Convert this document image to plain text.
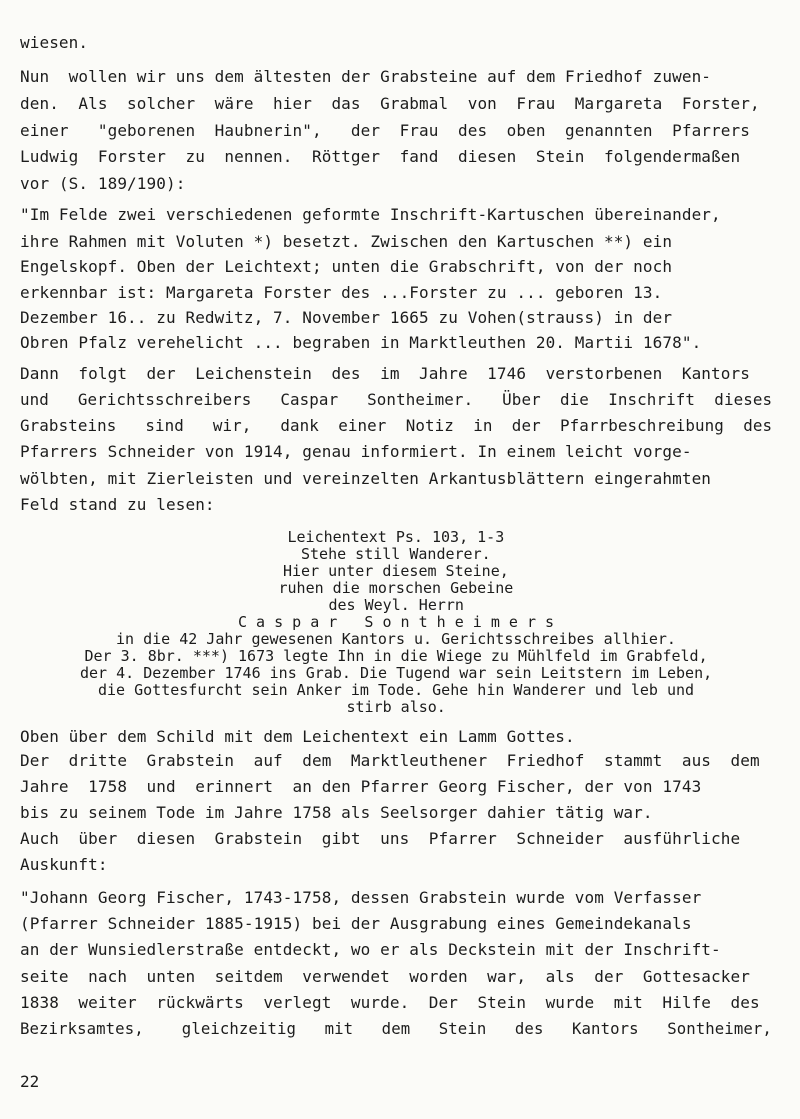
wiesen.
Nun  wollen wir uns dem ältesten der Grabsteine auf dem Friedhof zuwen-
den.  Als  solcher  wäre  hier  das  Grabmal  von  Frau  Margareta  Forster,
einer   "geborenen  Haubnerin",   der  Frau  des  oben  genannten  Pfarrers
Ludwig  Forster  zu  nennen.  Röttger  fand  diesen  Stein  folgendermaßen
vor (S. 189/190):
"Im Felde zwei verschiedenen geformte Inschrift-Kartuschen übereinander,
ihre Rahmen mit Voluten *) besetzt. Zwischen den Kartuschen **) ein
Engelskopf. Oben der Leichtext; unten die Grabschrift, von der noch
erkennbar ist: Margareta Forster des ...Forster zu ... geboren 13.
Dezember 16.. zu Redwitz, 7. November 1665 zu Vohen(strauss) in der
Obren Pfalz verehelicht ... begraben in Marktleuthen 20. Martii 1678".
Dann  folgt  der  Leichenstein  des  im  Jahre  1746  verstorbenen  Kantors
und   Gerichtsschreibers   Caspar   Sontheimer.   Über  die  Inschrift  dieses
Grabsteins   sind   wir,   dank  einer  Notiz  in  der  Pfarrbeschreibung  des
Pfarrers Schneider von 1914, genau informiert. In einem leicht vorge-
wölbten, mit Zierleisten und vereinzelten Arkantusblättern eingerahmten
Feld stand zu lesen:
Leichentext Ps. 103, 1-3
Stehe still Wanderer.
Hier unter diesem Steine,
ruhen die morschen Gebeine
des Weyl. Herrn
C a s p a r   S o n t h e i m e r s
in die 42 Jahr gewesenen Kantors u. Gerichtsschreibes allhier.
Der 3. 8br. ***) 1673 legte Ihn in die Wiege zu Mühlfeld im Grabfeld,
der 4. Dezember 1746 ins Grab. Die Tugend war sein Leitstern im Leben,
die Gottesfurcht sein Anker im Tode. Gehe hin Wanderer und leb und
stirb also.
Oben über dem Schild mit dem Leichentext ein Lamm Gottes.
Der  dritte  Grabstein  auf  dem  Marktleuthener  Friedhof  stammt  aus  dem
Jahre  1758  und  erinnert  an den Pfarrer Georg Fischer, der von 1743
bis zu seinem Tode im Jahre 1758 als Seelsorger dahier tätig war.
Auch  über  diesen  Grabstein  gibt  uns  Pfarrer  Schneider  ausführliche
Auskunft:
"Johann Georg Fischer, 1743-1758, dessen Grabstein wurde vom Verfasser
(Pfarrer Schneider 1885-1915) bei der Ausgrabung eines Gemeindekanals
an der Wunsiedlerstraße entdeckt, wo er als Deckstein mit der Inschrift-
seite  nach  unten  seitdem  verwendet  worden  war,  als  der  Gottesacker
1838  weiter  rückwärts  verlegt  wurde.  Der  Stein  wurde  mit  Hilfe  des
Bezirksamtes,    gleichzeitig   mit   dem   Stein   des   Kantors   Sontheimer,
22
